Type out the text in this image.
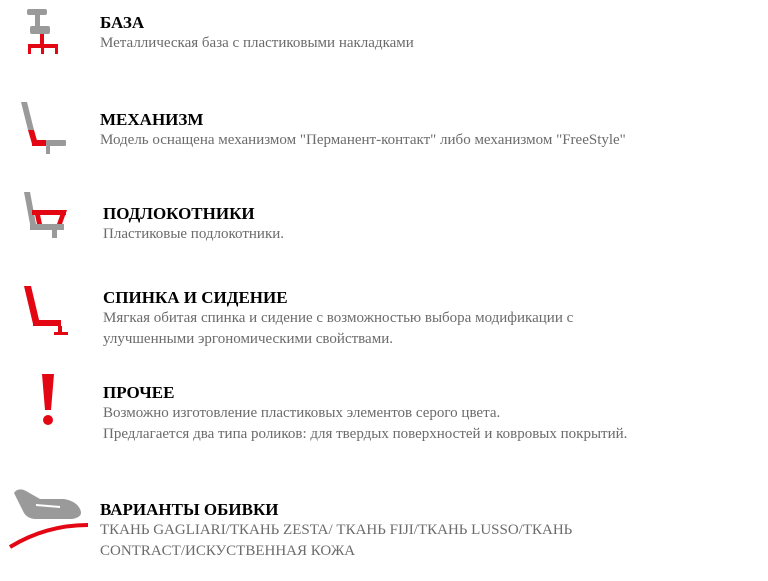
БАЗА
Металлическая база с пластиковыми накладками
МЕХАНИЗМ
Модель оснащена механизмом "Перманент-контакт" либо механизмом "FreeStyle"
ПОДЛОКОТНИКИ
Пластиковые подлокотники.
СПИНКА И СИДЕНИЕ
Мягкая обитая спинка и сидение с возможностью выбора модификации с
улучшенными эргономическими свойствами.
ПРОЧЕЕ
Возможно изготовление пластиковых элементов серого цвета.
Предлагается два типа роликов: для твердых поверхностей и ковровых покрытий.
ВАРИАНТЫ ОБИВКИ
ТКАНЬ GAGLIARI/ТКАНЬ ZESTA/ ТКАНЬ FIJI/ТКАНЬ LUSSO/ТКАНЬ
CONTRACT/ИСКУСТВЕННАЯ КОЖА
